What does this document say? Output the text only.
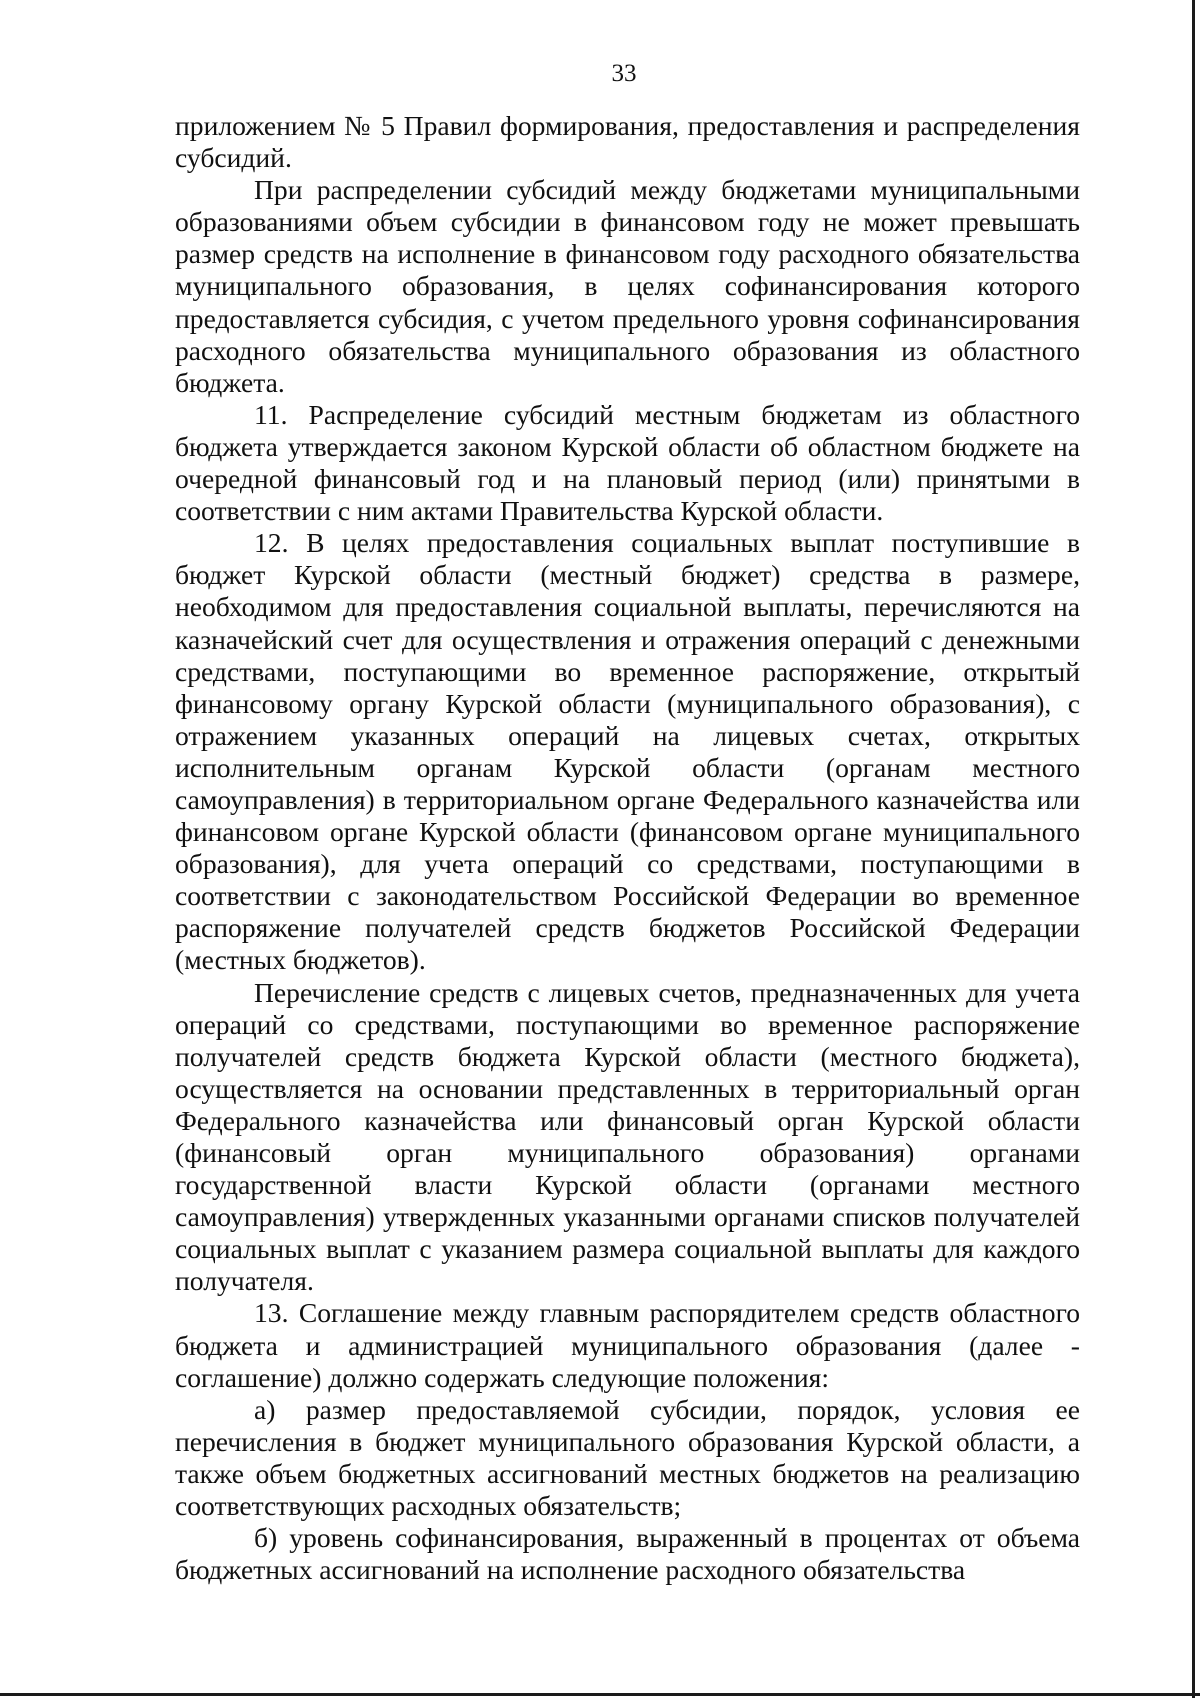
33

приложением № 5 Правил формирования, предоставления и распределения субсидий.

При распределении субсидий между бюджетами муниципальными образованиями объем субсидии в финансовом году не может превышать размер средств на исполнение в финансовом году расходного обязательства муниципального образования, в целях софинансирования которого предоставляется субсидия, с учетом предельного уровня софинансирования расходного обязательства муниципального образования из областного бюджета.

11. Распределение субсидий местным бюджетам из областного бюджета утверждается законом Курской области об областном бюджете на очередной финансовый год и на плановый период (или) принятыми в соответствии с ним актами Правительства Курской области.

12. В целях предоставления социальных выплат поступившие в бюджет Курской области (местный бюджет) средства в размере, необходимом для предоставления социальной выплаты, перечисляются на казначейский счет для осуществления и отражения операций с денежными средствами, поступающими во временное распоряжение, открытый финансовому органу Курской области (муниципального образования), с отражением указанных операций на лицевых счетах, открытых исполнительным органам Курской области (органам местного самоуправления) в территориальном органе Федерального казначейства или финансовом органе Курской области (финансовом органе муниципального образования), для учета операций со средствами, поступающими в соответствии с законодательством Российской Федерации во временное распоряжение получателей средств бюджетов Российской Федерации (местных бюджетов).

Перечисление средств с лицевых счетов, предназначенных для учета операций со средствами, поступающими во временное распоряжение получателей средств бюджета Курской области (местного бюджета), осуществляется на основании представленных в территориальный орган Федерального казначейства или финансовый орган Курской области (финансовый орган муниципального образования) органами государственной власти Курской области (органами местного самоуправления) утвержденных указанными органами списков получателей социальных выплат с указанием размера социальной выплаты для каждого получателя.

13. Соглашение между главным распорядителем средств областного бюджета и администрацией муниципального образования (далее - соглашение) должно содержать следующие положения:

а) размер предоставляемой субсидии, порядок, условия ее перечисления в бюджет муниципального образования Курской области, а также объем бюджетных ассигнований местных бюджетов на реализацию соответствующих расходных обязательств;

б) уровень софинансирования, выраженный в процентах от объема бюджетных ассигнований на исполнение расходного обязательства
